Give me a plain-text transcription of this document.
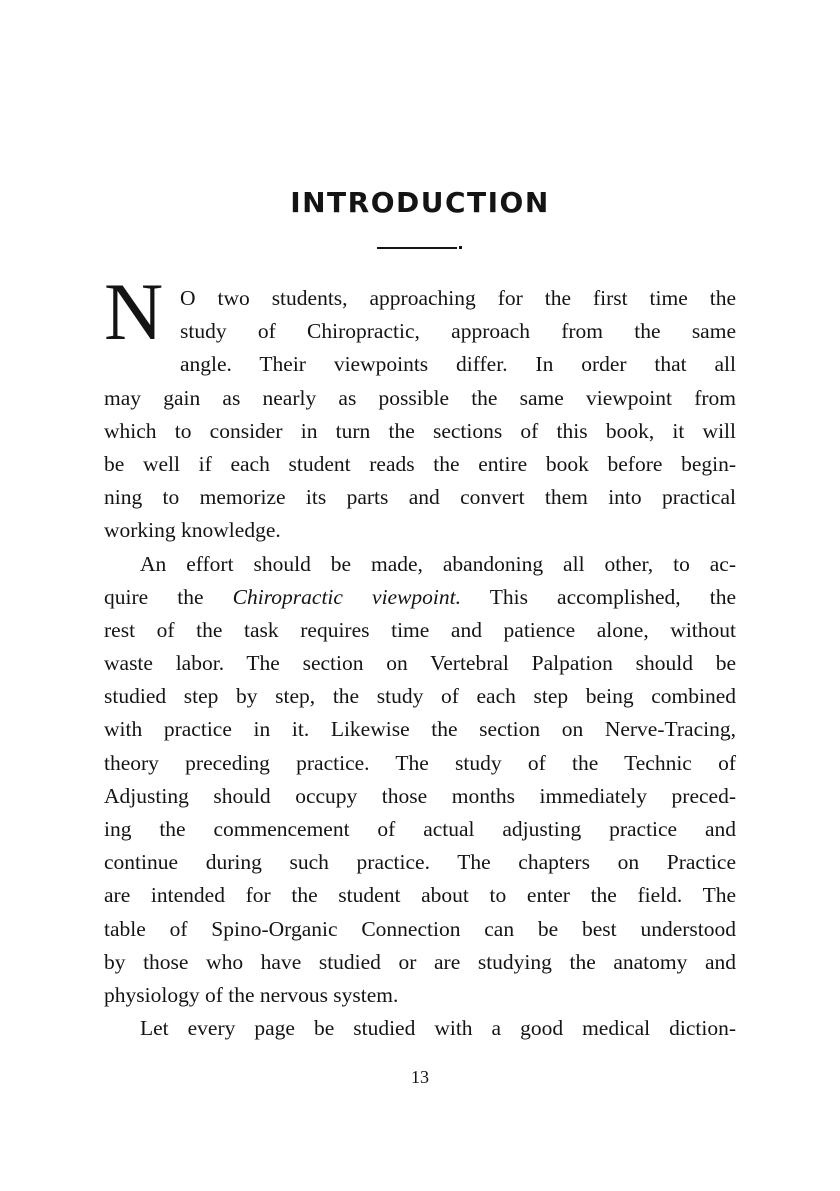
INTRODUCTION
N O two students, approaching for the first time the
study of Chiropractic, approach from the same
angle. Their viewpoints differ. In order that all
may gain as nearly as possible the same viewpoint from
which to consider in turn the sections of this book, it will
be well if each student reads the entire book before begin-
ning to memorize its parts and convert them into practical
working knowledge.
An effort should be made, abandoning all other, to ac-
quire the Chiropractic viewpoint. This accomplished, the
rest of the task requires time and patience alone, without
waste labor. The section on Vertebral Palpation should be
studied step by step, the study of each step being combined
with practice in it. Likewise the section on Nerve-Tracing,
theory preceding practice. The study of the Technic of
Adjusting should occupy those months immediately preced-
ing the commencement of actual adjusting practice and
continue during such practice. The chapters on Practice
are intended for the student about to enter the field. The
table of Spino-Organic Connection can be best understood
by those who have studied or are studying the anatomy and
physiology of the nervous system.
Let every page be studied with a good medical diction-
13
